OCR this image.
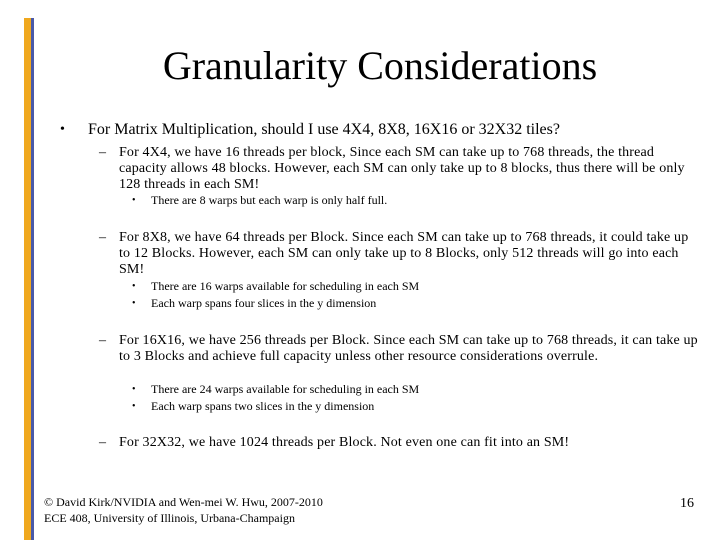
Granularity Considerations
• For Matrix Multiplication, should I use 4X4, 8X8, 16X16 or 32X32 tiles?
– For 4X4, we have 16 threads per block, Since each SM can take up to 768 threads, the thread capacity allows 48 blocks. However, each SM can only take up to 8 blocks, thus there will be only 128 threads in each SM!
• There are 8 warps but each warp is only half full.
– For 8X8, we have 64 threads per Block. Since each SM can take up to 768 threads, it could take up to 12 Blocks. However, each SM can only take up to 8 Blocks, only 512 threads will go into each SM!
• There are 16 warps available for scheduling in each SM
• Each warp spans four slices in the y dimension
– For 16X16, we have 256 threads per Block. Since each SM can take up to 768 threads, it can take up to 3 Blocks and achieve full capacity unless other resource considerations overrule.
• There are 24 warps available for scheduling in each SM
• Each warp spans two slices in the y dimension
– For 32X32, we have 1024 threads per Block. Not even one can fit into an SM!
© David Kirk/NVIDIA and Wen-mei W. Hwu, 2007-2010
ECE 408, University of Illinois, Urbana-Champaign
16
